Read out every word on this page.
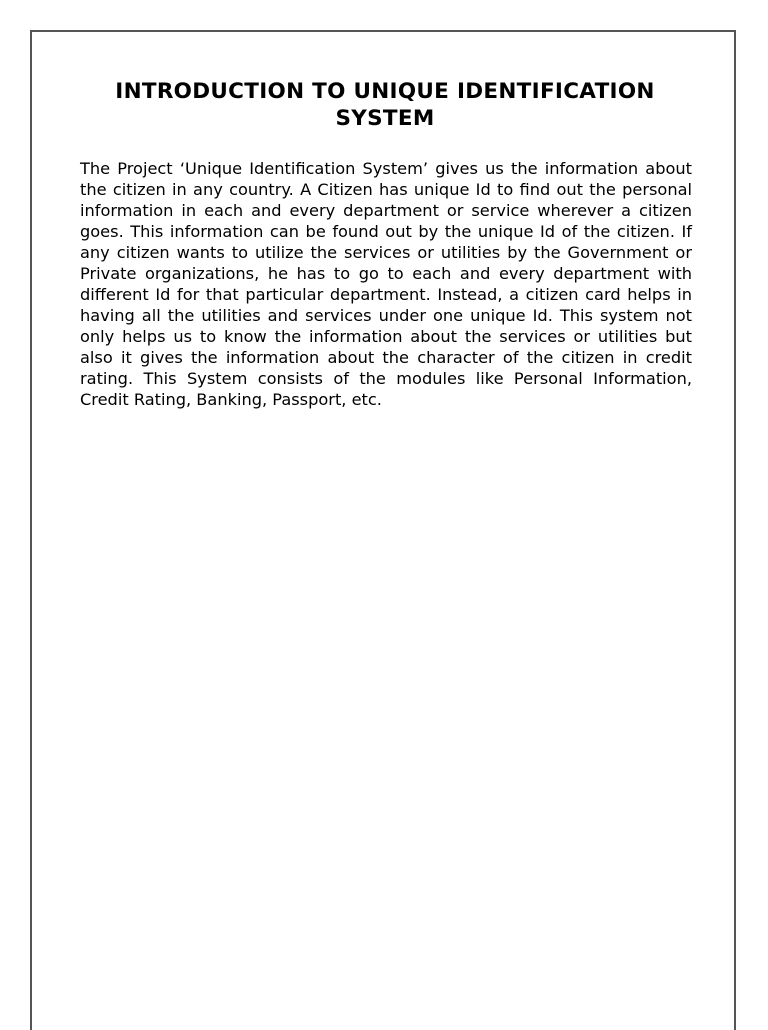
INTRODUCTION TO UNIQUE IDENTIFICATION SYSTEM

The Project ‘Unique Identification System’ gives us the information about the citizen in any country. A Citizen has unique Id to find out the personal information in each and every department or service wherever a citizen goes. This information can be found out by the unique Id of the citizen. If any citizen wants to utilize the services or utilities by the Government or Private organizations, he has to go to each and every department with different Id for that particular department. Instead, a citizen card helps in having all the utilities and services under one unique Id. This system not only helps us to know the information about the services or utilities but also it gives the information about the character of the citizen in credit rating. This System consists of the modules like Personal Information, Credit Rating, Banking, Passport, etc.
